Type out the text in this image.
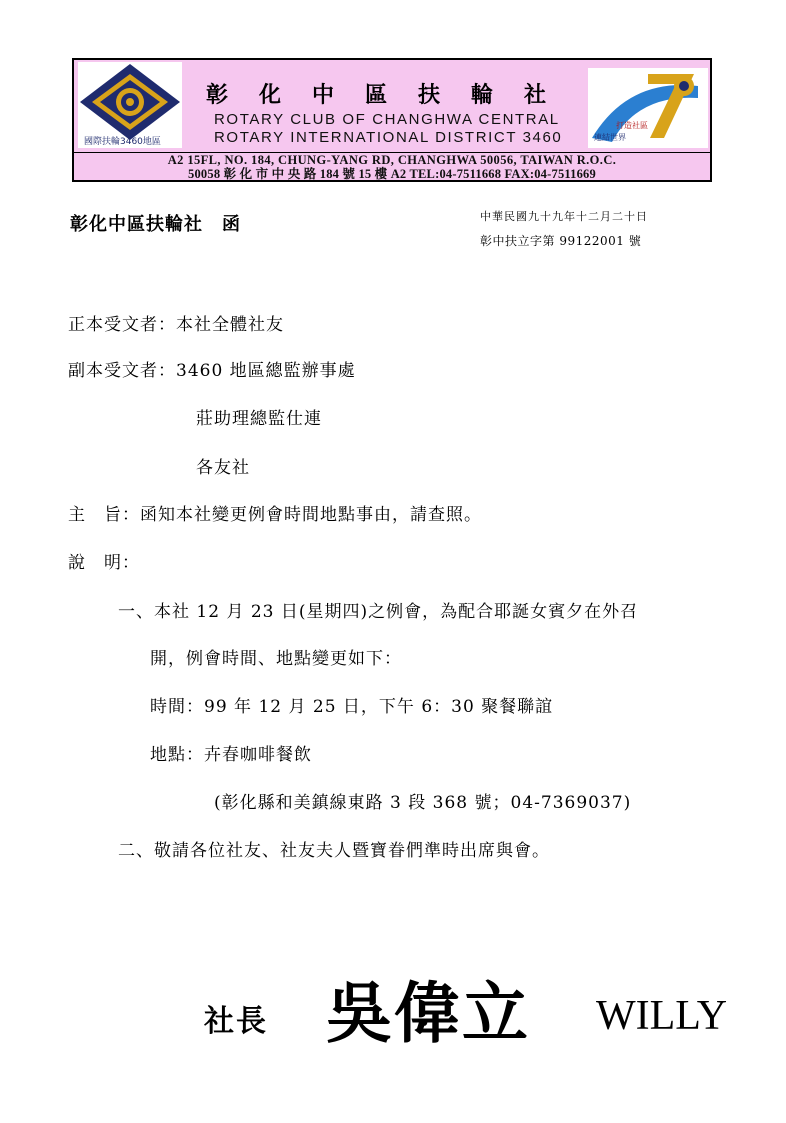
國際扶輪3460地區
彰化中區扶輪社
ROTARY CLUB OF CHANGHWA CENTRAL
ROTARY INTERNATIONAL DISTRICT 3460
打造社區
連結世界
A2 15FL, NO. 184, CHUNG-YANG RD, CHANGHWA 50056, TAIWAN R.O.C.
50058 彰 化 市 中 央 路 184 號 15 樓 A2 TEL:04-7511668 FAX:04-7511669
彰化中區扶輪社　函	中華民國九十九年十二月二十日
彰中扶立字第 99122001 號
正本受文者：本社全體社友
副本受文者：3460 地區總監辦事處
莊助理總監仕連
各友社
主　旨：函知本社變更例會時間地點事由，請查照。
說　明：
一、本社 12 月 23 日(星期四)之例會，為配合耶誕女賓夕在外召
開，例會時間、地點變更如下：
時間：99 年 12 月 25 日，下午 6：30 聚餐聯誼
地點：卉春咖啡餐飲
(彰化縣和美鎮線東路 3 段 368 號；04-7369037)
二、敬請各位社友、社友夫人暨寶眷們準時出席與會。
社長 吳偉立 WILLY
